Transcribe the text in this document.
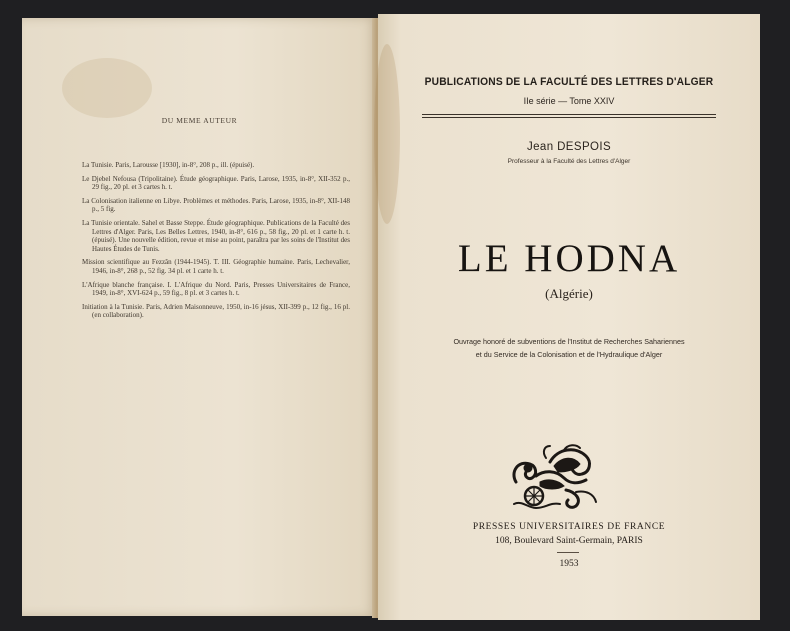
DU MEME AUTEUR
La Tunisie. Paris, Larousse [1930], in-8°, 208 p., ill. (épuisé).
Le Djebel Nefousa (Tripolitaine). Étude géographique. Paris, Larose, 1935, in-8°, XII-352 p., 29 fig., 20 pl. et 3 cartes h. t.
La Colonisation italienne en Libye. Problèmes et méthodes. Paris, Larose, 1935, in-8°, XII-148 p., 5 fig.
La Tunisie orientale. Sahel et Basse Steppe. Étude géographique. Publications de la Faculté des Lettres d'Alger. Paris, Les Belles Lettres, 1940, in-8°, 616 p., 58 fig., 20 pl. et 1 carte h. t. (épuisé). Une nouvelle édition, revue et mise au point, paraîtra par les soins de l'Institut des Hautes Études de Tunis.
Mission scientifique au Fezzân (1944-1945). T. III. Géographie humaine. Paris, Lechevalier, 1946, in-8°, 268 p., 52 fig. 34 pl. et 1 carte h. t.
L'Afrique blanche française. I. L'Afrique du Nord. Paris, Presses Universitaires de France, 1949, in-8°, XVI-624 p., 59 fig., 8 pl. et 3 cartes h. t.
Initiation à la Tunisie. Paris, Adrien Maisonneuve, 1950, in-16 jésus, XII-399 p., 12 fig., 16 pl. (en collaboration).
PUBLICATIONS DE LA FACULTÉ DES LETTRES D'ALGER
IIe série — Tome XXIV
Jean DESPOIS
Professeur à la Faculté des Lettres d'Alger
LE HODNA
(Algérie)
Ouvrage honoré de subventions de l'Institut de Recherches Sahariennes
et du Service de la Colonisation et de l'Hydraulique d'Alger
PRESSES UNIVERSITAIRES DE FRANCE
108, Boulevard Saint-Germain, PARIS
1953
